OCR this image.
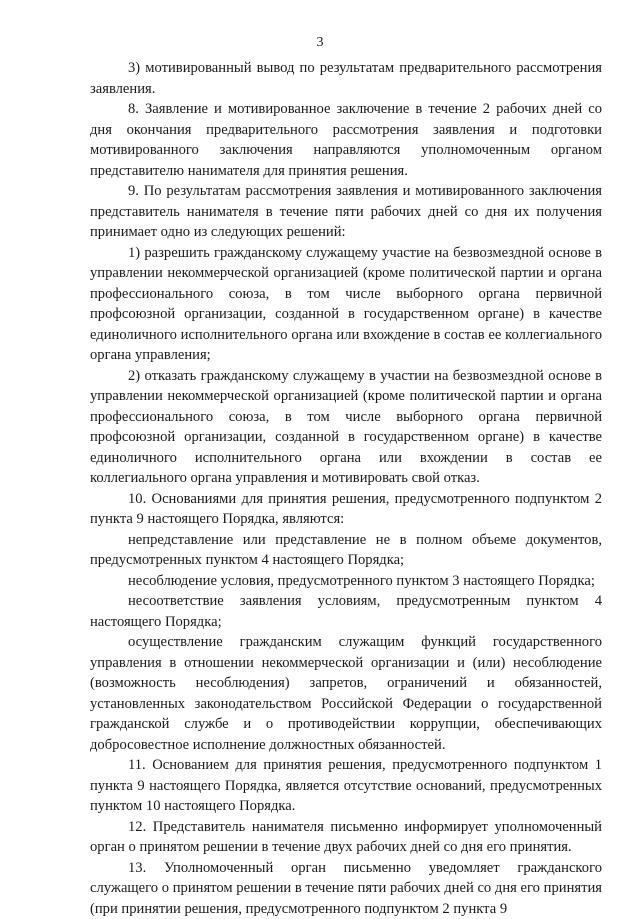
3

3) мотивированный вывод по результатам предварительного рассмотрения заявления.

8. Заявление и мотивированное заключение в течение 2 рабочих дней со дня окончания предварительного рассмотрения заявления и подготовки мотивированного заключения направляются уполномоченным органом представителю нанимателя для принятия решения.

9. По результатам рассмотрения заявления и мотивированного заключения представитель нанимателя в течение пяти рабочих дней со дня их получения принимает одно из следующих решений:

1) разрешить гражданскому служащему участие на безвозмездной основе в управлении некоммерческой организацией (кроме политической партии и органа профессионального союза, в том числе выборного органа первичной профсоюзной организации, созданной в государственном органе) в качестве единоличного исполнительного органа или вхождение в состав ее коллегиального органа управления;

2) отказать гражданскому служащему в участии на безвозмездной основе в управлении некоммерческой организацией (кроме политической партии и органа профессионального союза, в том числе выборного органа первичной профсоюзной организации, созданной в государственном органе) в качестве единоличного исполнительного органа или вхождении в состав ее коллегиального органа управления и мотивировать свой отказ.

10. Основаниями для принятия решения, предусмотренного подпунктом 2 пункта 9 настоящего Порядка, являются:

непредставление или представление не в полном объеме документов, предусмотренных пунктом 4 настоящего Порядка;

несоблюдение условия, предусмотренного пунктом 3 настоящего Порядка;

несоответствие заявления условиям, предусмотренным пунктом 4 настоящего Порядка;

осуществление гражданским служащим функций государственного управления в отношении некоммерческой организации и (или) несоблюдение (возможность несоблюдения) запретов, ограничений и обязанностей, установленных законодательством Российской Федерации о государственной гражданской службе и о противодействии коррупции, обеспечивающих добросовестное исполнение должностных обязанностей.

11. Основанием для принятия решения, предусмотренного подпунктом 1 пункта 9 настоящего Порядка, является отсутствие оснований, предусмотренных пунктом 10 настоящего Порядка.

12. Представитель нанимателя письменно информирует уполномоченный орган о принятом решении в течение двух рабочих дней со дня его принятия.

13. Уполномоченный орган письменно уведомляет гражданского служащего о принятом решении в течение пяти рабочих дней со дня его принятия (при принятии решения, предусмотренного подпунктом 2 пункта 9
